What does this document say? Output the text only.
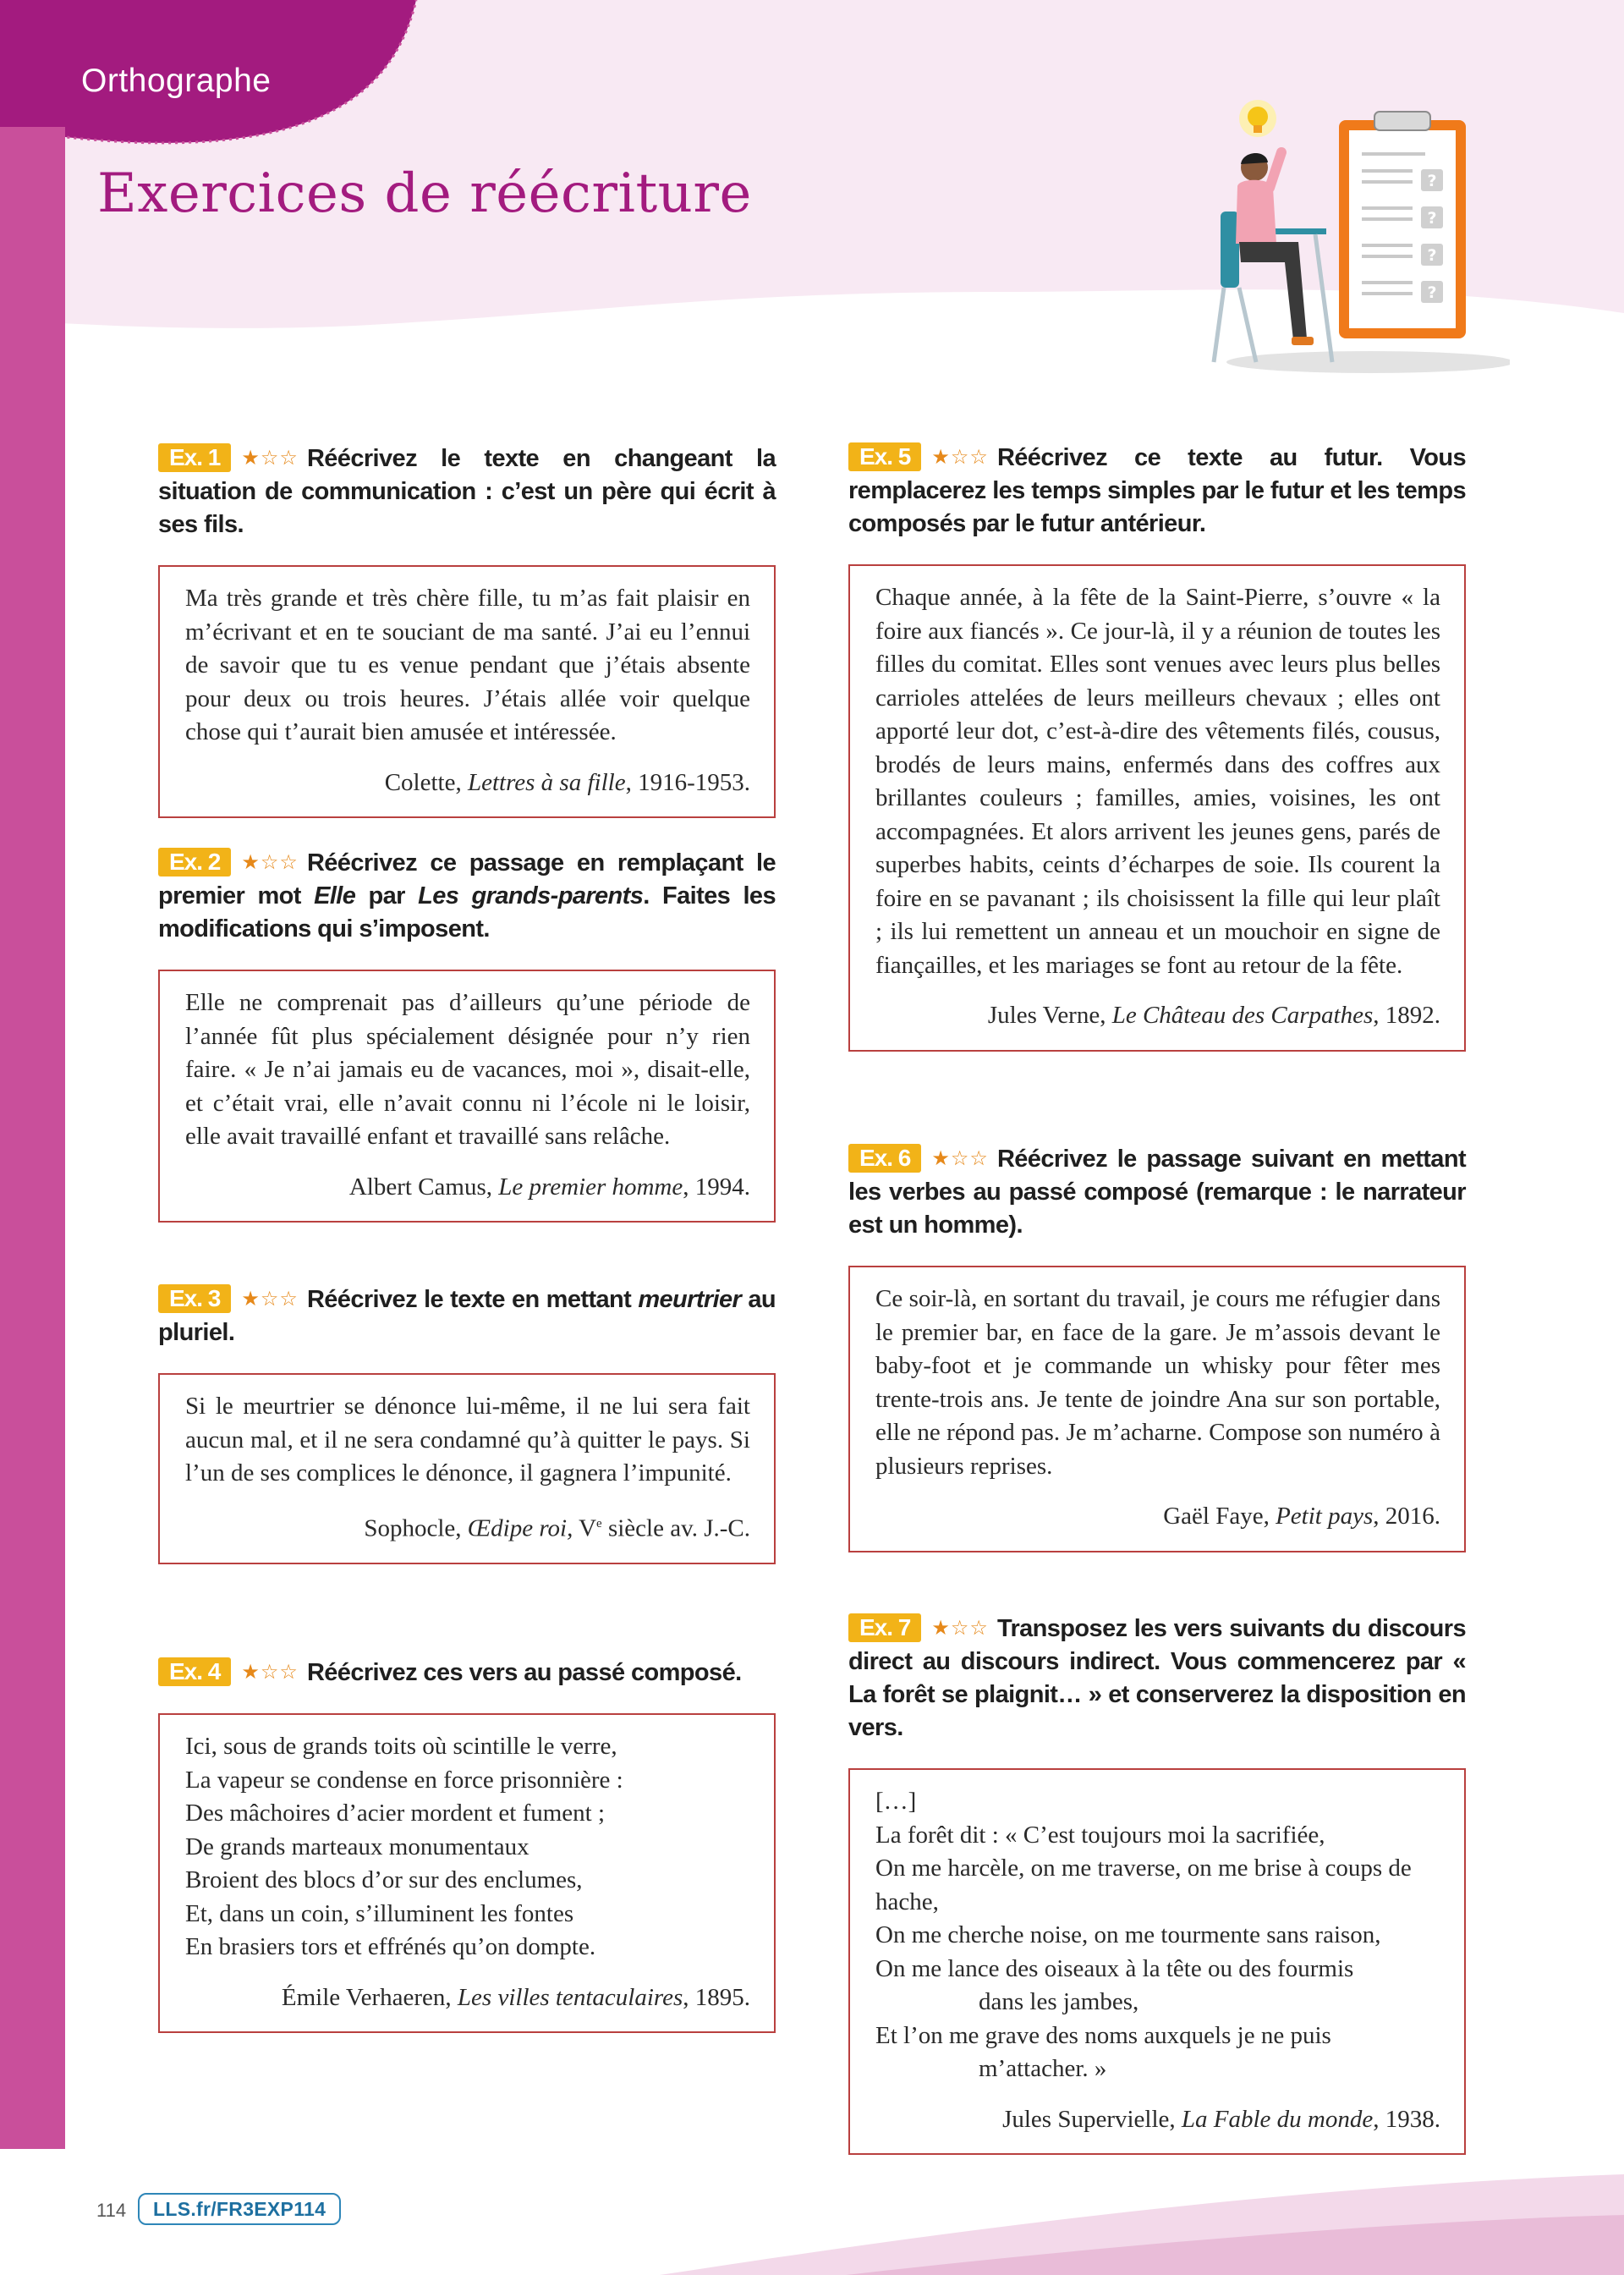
Orthographe
Exercices de réécriture	?
?
?
?
Ex. 1 ★☆☆ Réécrivez le texte en changeant la situation de communication : c’est un père qui écrit à ses fils.

Ma très grande et très chère fille, tu m’as fait plaisir en m’écrivant et en te souciant de ma santé. J’ai eu l’ennui de savoir que tu es venue pendant que j’étais absente pour deux ou trois heures. J’étais allée voir quelque chose qui t’aurait bien amusée et intéressée.

Colette, Lettres à sa fille, 1916-1953.

Ex. 2 ★☆☆ Réécrivez ce passage en remplaçant le premier mot Elle par Les grands-parents. Faites les modifications qui s’imposent.

Elle ne comprenait pas d’ailleurs qu’une période de l’année fût plus spécialement désignée pour n’y rien faire. « Je n’ai jamais eu de vacances, moi », disait-elle, et c’était vrai, elle n’avait connu ni l’école ni le loisir, elle avait travaillé enfant et travaillé sans relâche.

Albert Camus, Le premier homme, 1994.

Ex. 3 ★☆☆ Réécrivez le texte en mettant meurtrier au pluriel.

Si le meurtrier se dénonce lui-même, il ne lui sera fait aucun mal, et il ne sera condamné qu’à quitter le pays. Si l’un de ses complices le dénonce, il gagnera l’impunité.

Sophocle, Œdipe roi, Ve siècle av. J.-C.

Ex. 4 ★☆☆ Réécrivez ces vers au passé composé.

Ici, sous de grands toits où scintille le verre,

La vapeur se condense en force prisonnière :

Des mâchoires d’acier mordent et fument ;

De grands marteaux monumentaux

Broient des blocs d’or sur des enclumes,

Et, dans un coin, s’illuminent les fontes

En brasiers tors et effrénés qu’on dompte.

Émile Verhaeren, Les villes tentaculaires, 1895.

Ex. 5 ★☆☆ Réécrivez ce texte au futur. Vous remplacerez les temps simples par le futur et les temps composés par le futur antérieur.

Chaque année, à la fête de la Saint-Pierre, s’ouvre « la foire aux fiancés ». Ce jour-là, il y a réunion de toutes les filles du comitat. Elles sont venues avec leurs plus belles carrioles attelées de leurs meilleurs chevaux ; elles ont apporté leur dot, c’est-à-dire des vêtements filés, cousus, brodés de leurs mains, enfermés dans des coffres aux brillantes couleurs ; familles, amies, voisines, les ont accompagnées. Et alors arrivent les jeunes gens, parés de superbes habits, ceints d’écharpes de soie. Ils courent la foire en se pavanant ; ils choisissent la fille qui leur plaît ; ils lui remettent un anneau et un mouchoir en signe de fiançailles, et les mariages se font au retour de la fête.

Jules Verne, Le Château des Carpathes, 1892.

Ex. 6 ★☆☆ Réécrivez le passage suivant en mettant les verbes au passé composé (remarque : le narrateur est un homme).

Ce soir-là, en sortant du travail, je cours me réfugier dans le premier bar, en face de la gare. Je m’assois devant le baby-foot et je commande un whisky pour fêter mes trente-trois ans. Je tente de joindre Ana sur son portable, elle ne répond pas. Je m’acharne. Compose son numéro à plusieurs reprises.

Gaël Faye, Petit pays, 2016.

Ex. 7 ★☆☆ Transposez les vers suivants du discours direct au discours indirect. Vous commencerez par « La forêt se plaignit… » et conserverez la disposition en vers.

[…]

La forêt dit : « C’est toujours moi la sacrifiée,

On me harcèle, on me traverse, on me brise à coups de hache,

On me cherche noise, on me tourmente sans raison,

On me lance des oiseaux à la tête ou des fourmis

dans les jambes,

Et l’on me grave des noms auxquels je ne puis

m’attacher. »

Jules Supervielle, La Fable du monde, 1938.

114	LLS.fr/FR3EXP114
